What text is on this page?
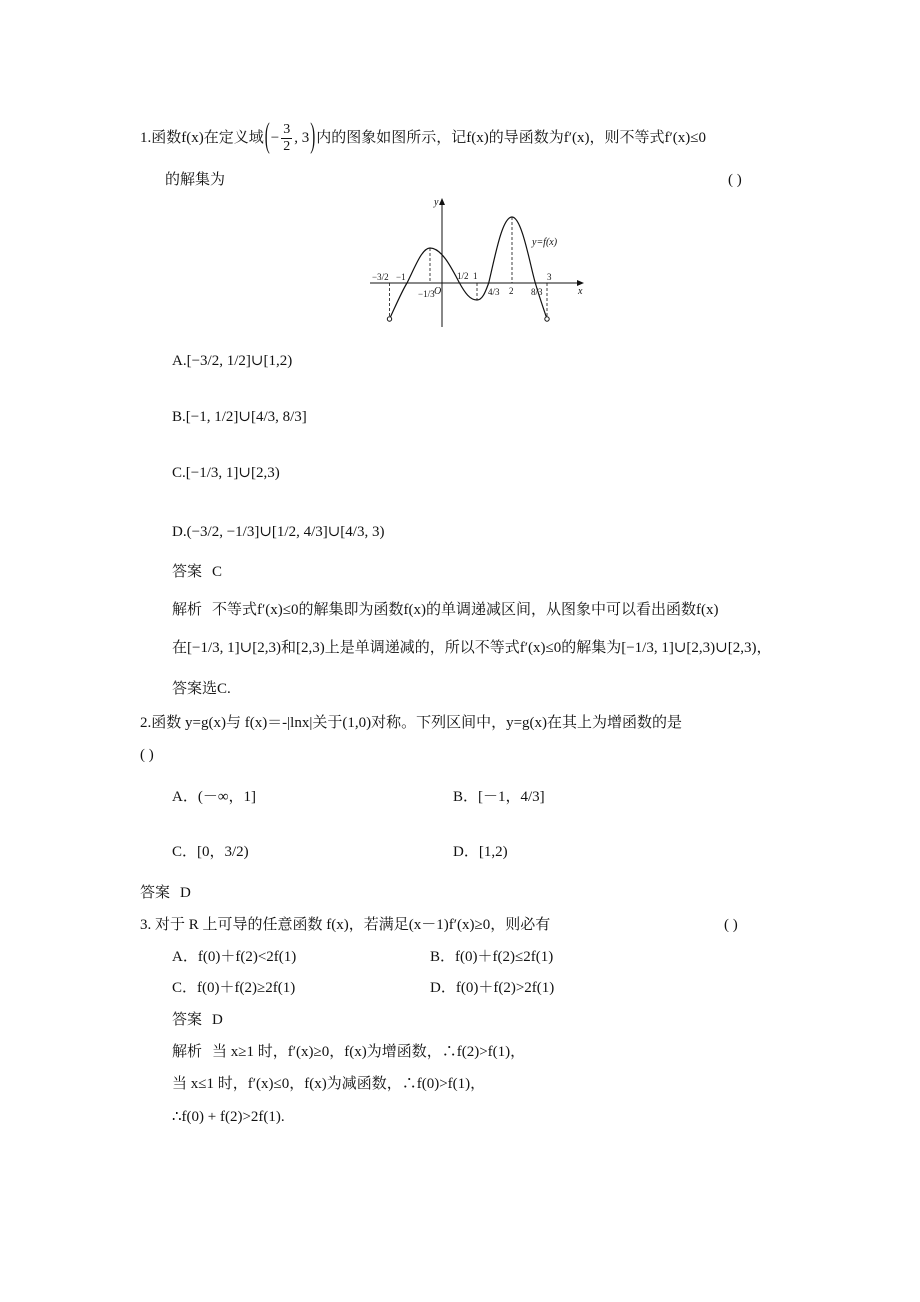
1.函数f(x)在定义域 ( − $\frac{3}{2}$ , 3 ) 内的图象如图所示，记f(x)的导函数为f′(x)，则不等式f′(x)≤0
的解集为	( )
y
x
O
y=f(x)
−3/2 −1
−1/3
1/2 1
4/3 2 8/3
3
A. [−3/2, 1/2]∪[1,2)
B. [−1, 1/2]∪[4/3, 8/3]
C. [−1/3, 1]∪[2,3)
D. (−3/2, −1/3]∪[1/2, 4/3]∪[4/3, 3)
答案 C
解析 不等式f′(x)≤0的解集即为函数f(x)的单调递减区间，从图象中可以看出函数f(x)
在 [−1/3, 1]∪[2,3) 和[2,3)上是单调递减的，所以不等式f′(x)≤0的解集为 [−1/3, 1]∪[2,3) ∪[2,3)，
答案选C.
2.函数 y=g(x)与 f(x)＝-|lnx|关于(1,0)对称。下列区间中，y=g(x)在其上为增函数的是
( )
A． (－∞，1]	B． [－1，4/3]
C． [0，3/2)	D． [1,2)
答案 D
3. 对于 R 上可导的任意函数 f(x)，若满足(x－1)f′(x)≥0，则必有	( )
A． f(0)＋f(2)<2f(1)	B． f(0)＋f(2)≤2f(1)
C． f(0)＋f(2)≥2f(1)	D． f(0)＋f(2)>2f(1)
答案 D
解析 当 x≥1 时，f′(x)≥0，f(x)为增函数，∴f(2)>f(1)，
当 x≤1 时，f′(x)≤0，f(x)为减函数，∴f(0)>f(1)，
∴f(0) + f(2)>2f(1).
